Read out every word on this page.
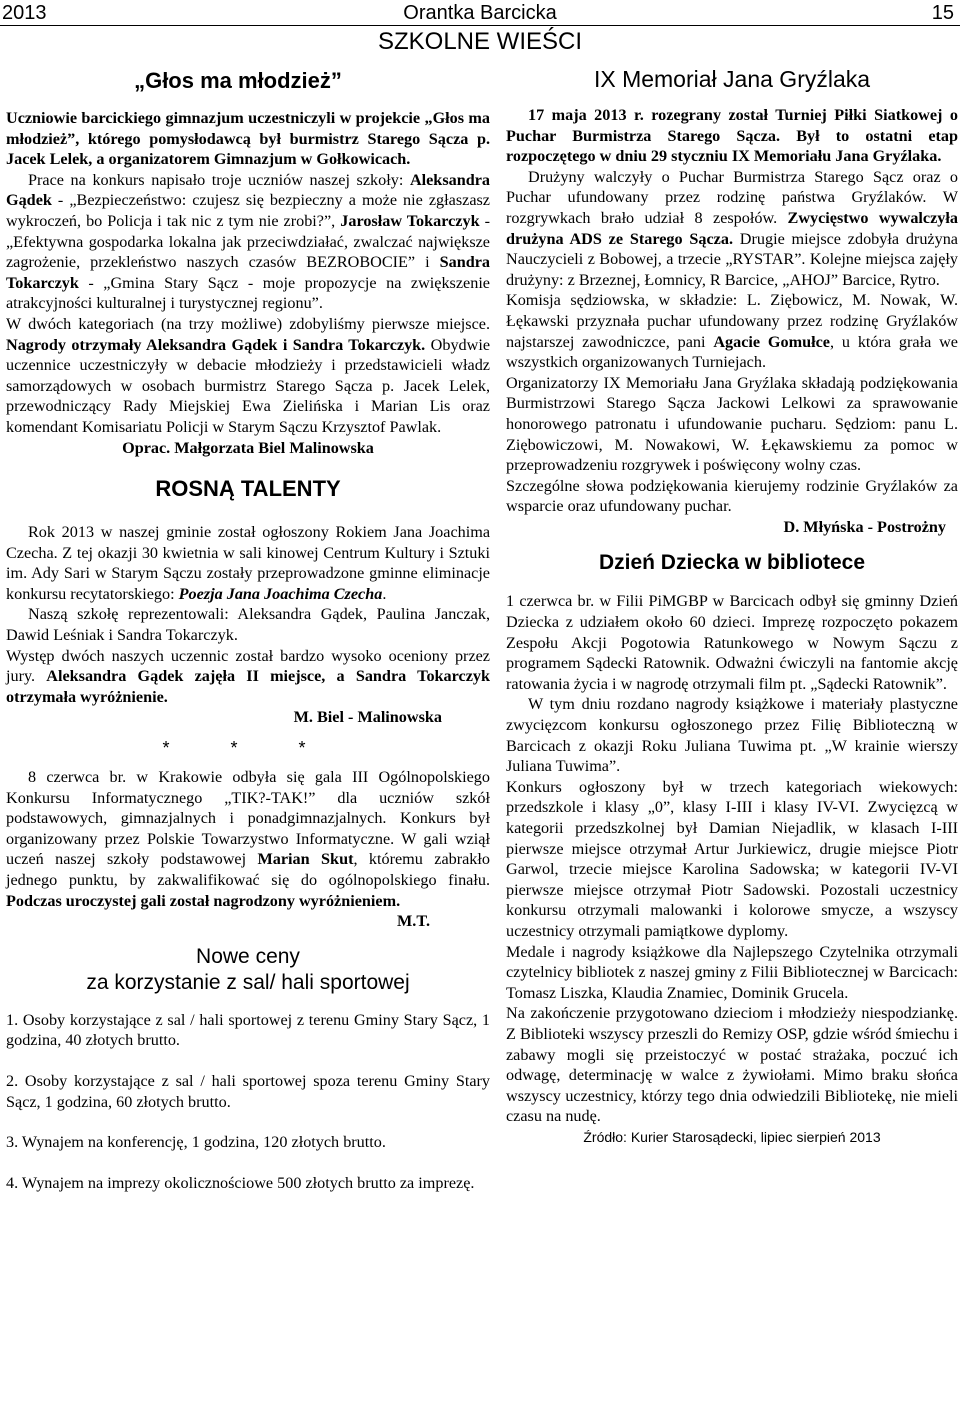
2013	Orantka Barcicka	15
SZKOLNE WIEŚCI
„Głos ma młodzież”

Uczniowie barcickiego gimnazjum uczestniczyli w projekcie „Głos ma młodzież”, którego pomysłodawcą był burmistrz Starego Sącza p. Jacek Lelek, a organizatorem Gimnazjum w Gołkowicach.

Prace na konkurs napisało troje uczniów naszej szkoły: Aleksandra Gądek - „Bezpieczeństwo: czujesz się bezpieczny a może nie zgłaszasz wykroczeń, bo Policja i tak nic z tym nie zrobi?”, Jarosław Tokarczyk - „Efektywna gospodarka lokalna jak przeciwdziałać, zwalczać największe zagrożenie, przekleństwo naszych czasów BEZROBOCIE” i Sandra Tokarczyk - „Gmina Stary Sącz - moje propozycje na zwiększenie atrakcyjności kulturalnej i turystycznej regionu”.

W dwóch kategoriach (na trzy możliwe) zdobyliśmy pierwsze miejsce. Nagrody otrzymały Aleksandra Gądek i Sandra Tokarczyk. Obydwie uczennice uczestniczyły w debacie młodzieży i przedstawicieli władz samorządowych w osobach burmistrz Starego Sącza p. Jacek Lelek, przewodniczący Rady Miejskiej Ewa Zielińska i Marian Lis oraz komendant Komisariatu Policji w Starym Sączu Krzysztof Pawlak.

Oprac. Małgorzata Biel Malinowska

ROSNĄ TALENTY

Rok 2013 w naszej gminie został ogłoszony Rokiem Jana Joachima Czecha. Z tej okazji 30 kwietnia w sali kinowej Centrum Kultury i Sztuki im. Ady Sari w Starym Sączu zostały przeprowadzone gminne eliminacje konkursu recytatorskiego: Poezja Jana Joachima Czecha.

Naszą szkołę reprezentowali: Aleksandra Gądek, Paulina Janczak, Dawid Leśniak i Sandra Tokarczyk.

Występ dwóch naszych uczennic został bardzo wysoko oceniony przez jury. Aleksandra Gądek zajęła II miejsce, a Sandra Tokarczyk otrzymała wyróżnienie.

M. Biel - Malinowska

* * *

8 czerwca br. w Krakowie odbyła się gala III Ogólnopolskiego Konkursu Informatycznego „TIK?-TAK!” dla uczniów szkół podstawowych, gimnazjalnych i ponadgimnazjalnych. Konkurs był organizowany przez Polskie Towarzystwo Informatyczne. W gali wziął uczeń naszej szkoły podstawowej Marian Skut, któremu zabrakło jednego punktu, by zakwalifikować się do ogólnopolskiego finału. Podczas uroczystej gali został nagrodzony wyróżnieniem.

M.T.

Nowe ceny
za korzystanie z sal/ hali sportowej

1. Osoby korzystające z sal / hali sportowej z terenu Gminy Stary Sącz, 1 godzina, 40 złotych brutto.

2. Osoby korzystające z sal / hali sportowej spoza terenu Gminy Stary Sącz, 1 godzina, 60 złotych brutto.

3. Wynajem na konferencję, 1 godzina, 120 złotych brutto.

4. Wynajem na imprezy okolicznościowe 500 złotych brutto za imprezę.

IX Memoriał Jana Gryźlaka

17 maja 2013 r. rozegrany został Turniej Piłki Siatkowej o Puchar Burmistrza Starego Sącza. Był to ostatni etap rozpoczętego w dniu 29 styczniu IX Memoriału Jana Gryźlaka.

Drużyny walczyły o Puchar Burmistrza Starego Sącz oraz o Puchar ufundowany przez rodzinę państwa Gryźlaków. W rozgrywkach brało udział 8 zespołów. Zwycięstwo wywalczyła drużyna ADS ze Starego Sącza. Drugie miejsce zdobyła drużyna Nauczycieli z Bobowej, a trzecie „RYSTAR”. Kolejne miejsca zajęły drużyny: z Brzeznej, Łomnicy, R Barcice, „AHOJ” Barcice, Rytro.

Komisja sędziowska, w składzie: L. Ziębowicz, M. Nowak, W. Łękawski przyznała puchar ufundowany przez rodzinę Gryźlaków najstarszej zawodniczce, pani Agacie Gomułce, u która grała we wszystkich organizowanych Turniejach.

Organizatorzy IX Memoriału Jana Gryźlaka składają podziękowania Burmistrzowi Starego Sącza Jackowi Lelkowi za sprawowanie honorowego patronatu i ufundowanie pucharu. Sędziom: panu L. Ziębowiczowi, M. Nowakowi, W. Łękawskiemu za pomoc w przeprowadzeniu rozgrywek i poświęcony wolny czas.

Szczególne słowa podziękowania kierujemy rodzinie Gryźlaków za wsparcie oraz ufundowany puchar.

D. Młyńska - Postrożny

Dzień Dziecka w bibliotece

1 czerwca br. w Filii PiMGBP w Barcicach odbył się gminny Dzień Dziecka z udziałem około 60 dzieci. Imprezę rozpoczęto pokazem Zespołu Akcji Pogotowia Ratunkowego w Nowym Sączu z programem Sądecki Ratownik. Odważni ćwiczyli na fantomie akcję ratowania życia i w nagrodę otrzymali film pt. „Sądecki Ratownik”.

W tym dniu rozdano nagrody książkowe i materiały plastyczne zwycięzcom konkursu ogłoszonego przez Filię Biblioteczną w Barcicach z okazji Roku Juliana Tuwima pt. „W krainie wierszy Juliana Tuwima”.

Konkurs ogłoszony był w trzech kategoriach wiekowych: przedszkole i klasy „0”, klasy I-III i klasy IV-VI. Zwycięzcą w kategorii przedszkolnej był Damian Niejadlik, w klasach I-III pierwsze miejsce otrzymał Artur Jurkiewicz, drugie miejsce Piotr Garwol, trzecie miejsce Karolina Sadowska; w kategorii IV-VI pierwsze miejsce otrzymał Piotr Sadowski. Pozostali uczestnicy konkursu otrzymali malowanki i kolorowe smycze, a wszyscy uczestnicy otrzymali pamiątkowe dyplomy.

Medale i nagrody książkowe dla Najlepszego Czytelnika otrzymali czytelnicy bibliotek z naszej gminy z Filii Bibliotecznej w Barcicach: Tomasz Liszka, Klaudia Znamiec, Dominik Grucela.

Na zakończenie przygotowano dzieciom i młodzieży niespodziankę. Z Biblioteki wszyscy przeszli do Remizy OSP, gdzie wśród śmiechu i zabawy mogli się przeistoczyć w postać strażaka, poczuć ich odwagę, determinację w walce z żywiołami. Mimo braku słońca wszyscy uczestnicy, którzy tego dnia odwiedzili Bibliotekę, nie mieli czasu na nudę.

Źródło: Kurier Starosądecki, lipiec sierpień 2013
